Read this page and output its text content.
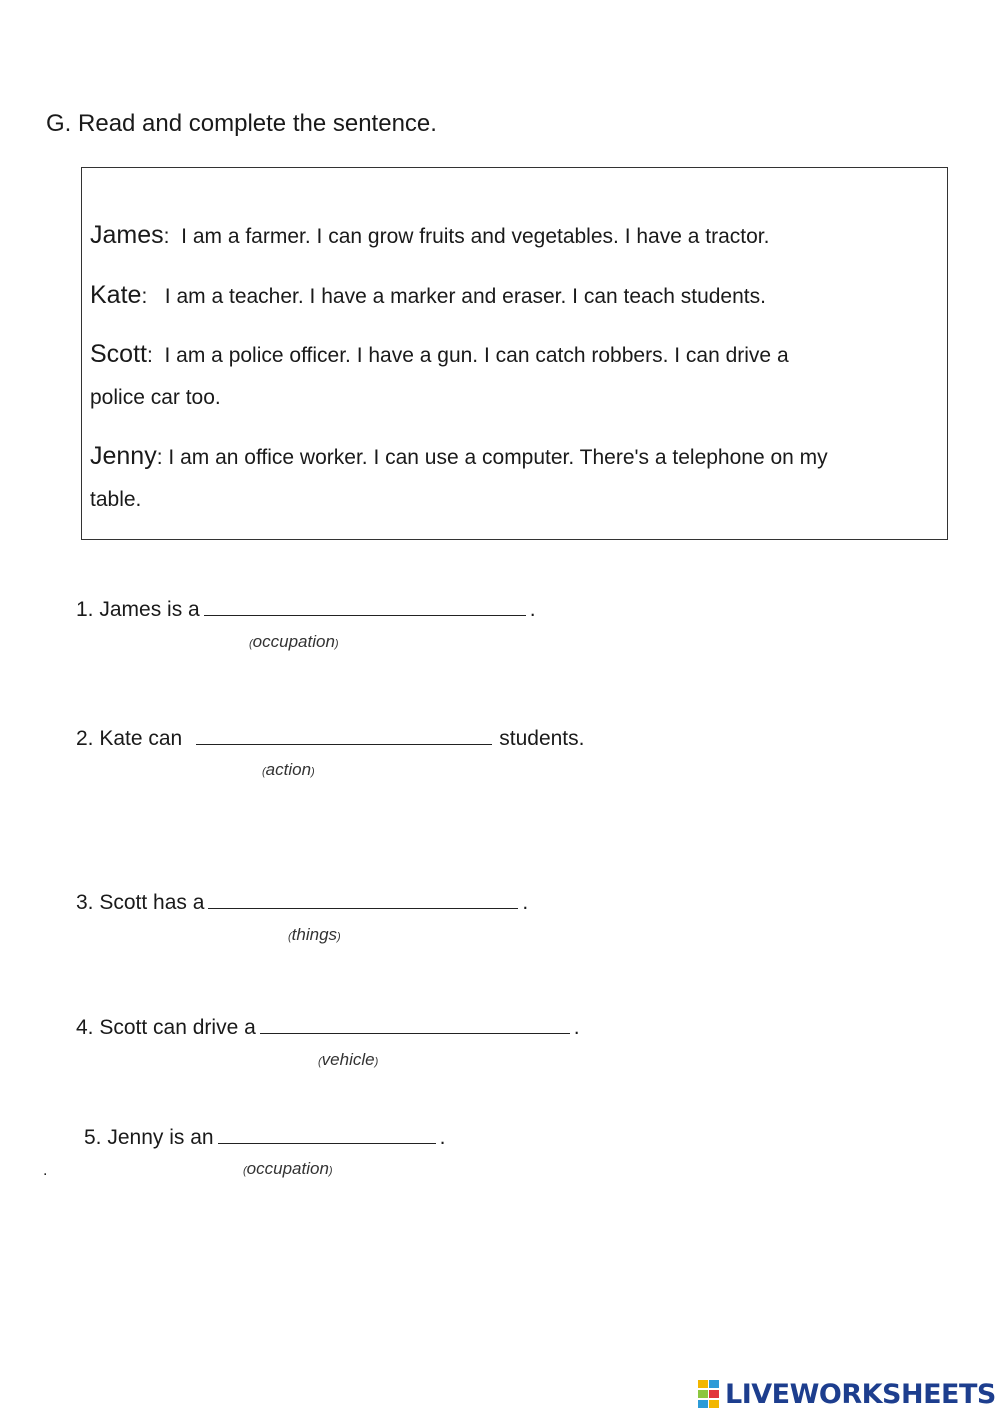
G. Read and complete the sentence.
James: I am a farmer. I can grow fruits and vegetables. I have a tractor.
Kate: I am a teacher. I have a marker and eraser. I can teach students.
Scott: I am a police officer. I have a gun. I can catch robbers. I can drive a
police car too.
Jenny: I am an office worker. I can use a computer. There's a telephone on my
table.
1. James is a	.
(occupation)
2. Kate can	students.
(action)
3. Scott has a	.
(things)
4. Scott can drive a	.
(vehicle)
5. Jenny is an	.
(occupation)
.
LIVEWORKSHEETS
